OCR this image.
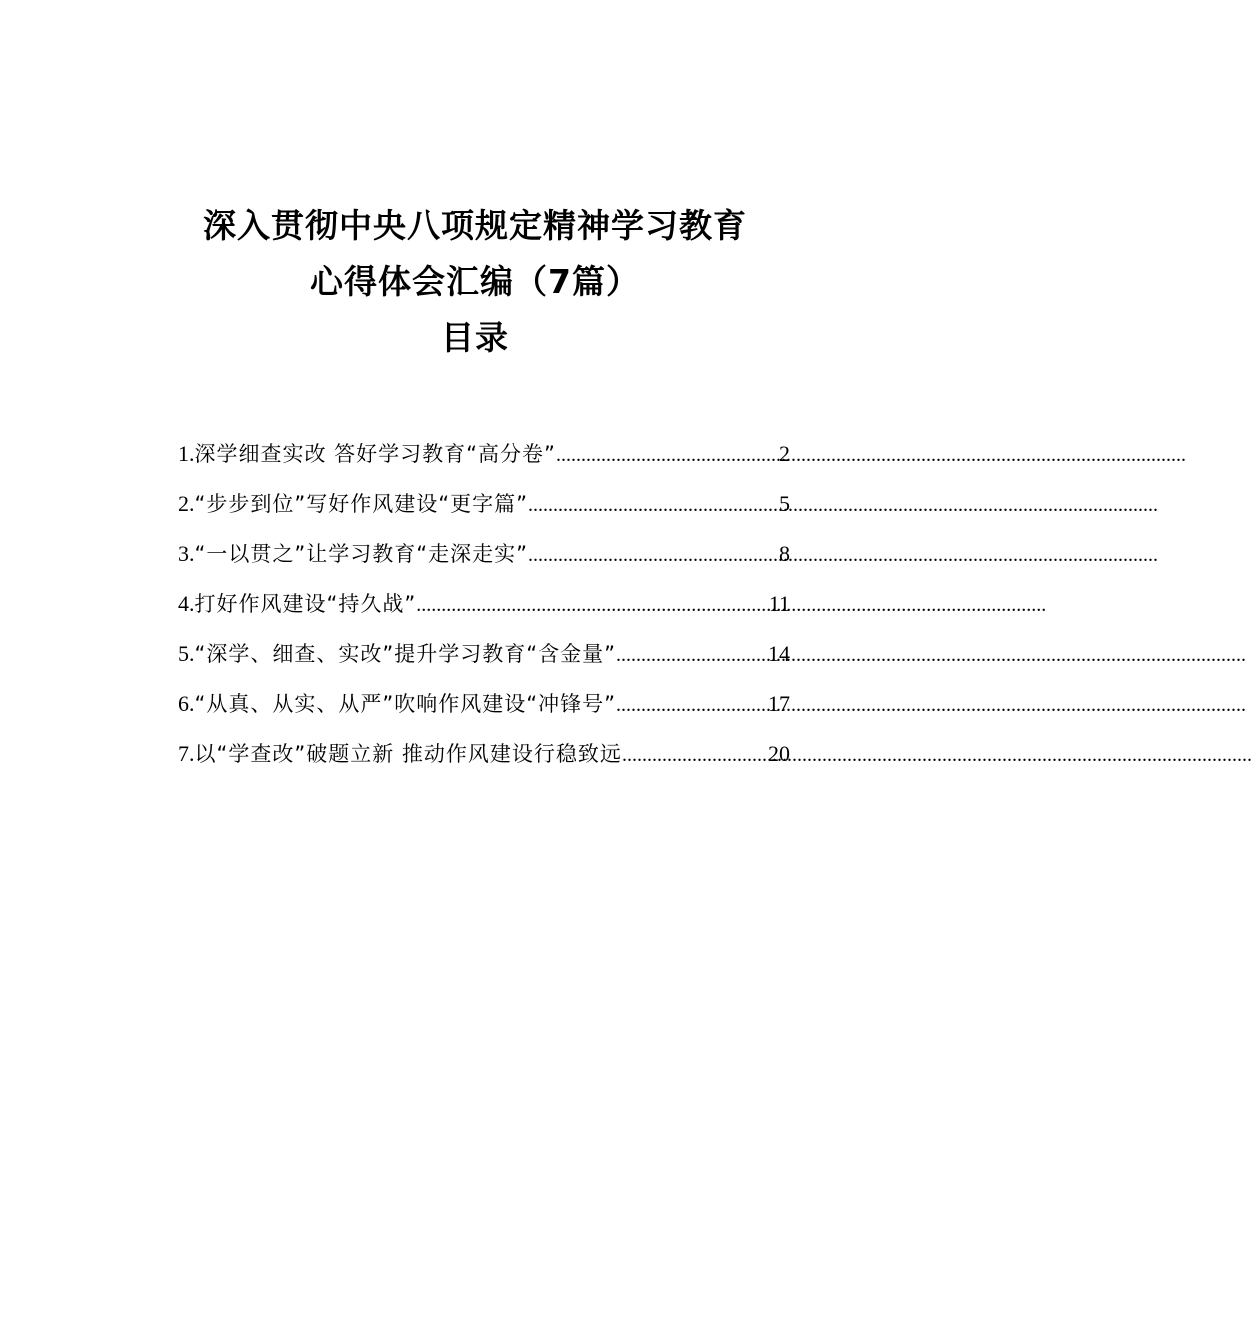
深入贯彻中央八项规定精神学习教育
心得体会汇编（7篇）
目录
1. 深学细查实改 答好学习教育“高分卷” .....	2
2. “步步到位”写好作风建设“更字篇” .....	5
3. “一以贯之”让学习教育“走深走实” .....	8
4. 打好作风建设“持久战” .....	11
5. “深学、细查、实改”提升学习教育“含金量” .....	14
6. “从真、从实、从严”吹响作风建设“冲锋号” .....	17
7. 以“学查改”破题立新 推动作风建设行稳致远 .....	20
